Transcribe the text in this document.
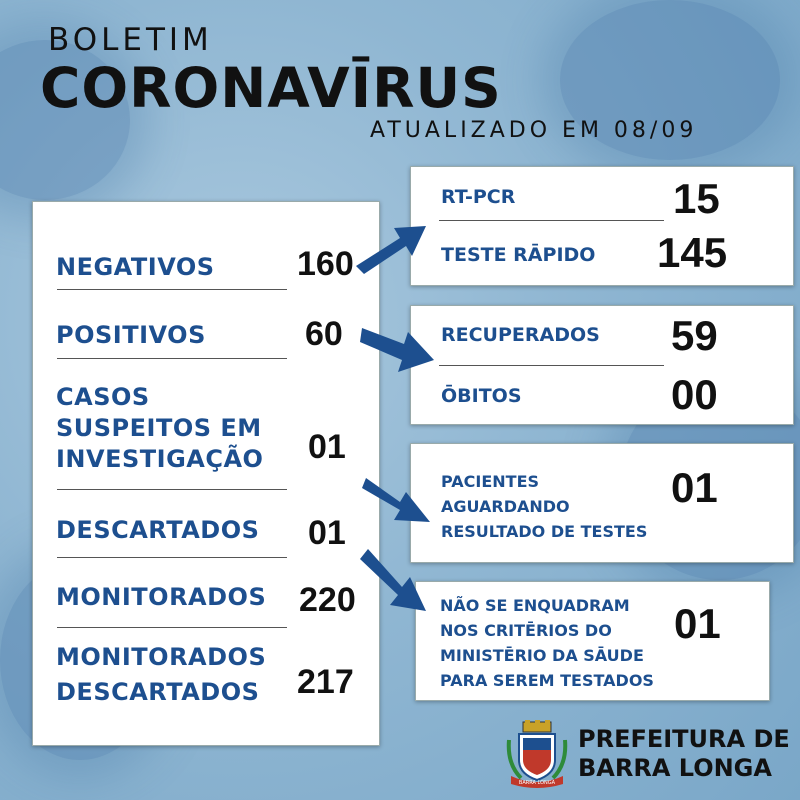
BOLETIM
CORONAVĪRUS
ATUALIZADO EM 08/09
NEGATIVOS 160
POSITIVOS	60
CASOS
SUSPEITOS EM
INVESTIGAÇÃO 01
DESCARTADOS 01
MONITORADOS 220
MONITORADOS
DESCARTADOS 217
RT-PCR	15
TESTE RĀPIDO 145
RECUPERADOS 59
ŌBITOS	00
PACIENTES
AGUARDANDO
RESULTADO DE TESTES
01
NÃO SE ENQUADRAM
NOS CRITĒRIOS DO
MINISTĒRIO DA SĀUDE
PARA SEREM TESTADOS
01
BARRA LONGA
PREFEITURA DE
BARRA LONGA
